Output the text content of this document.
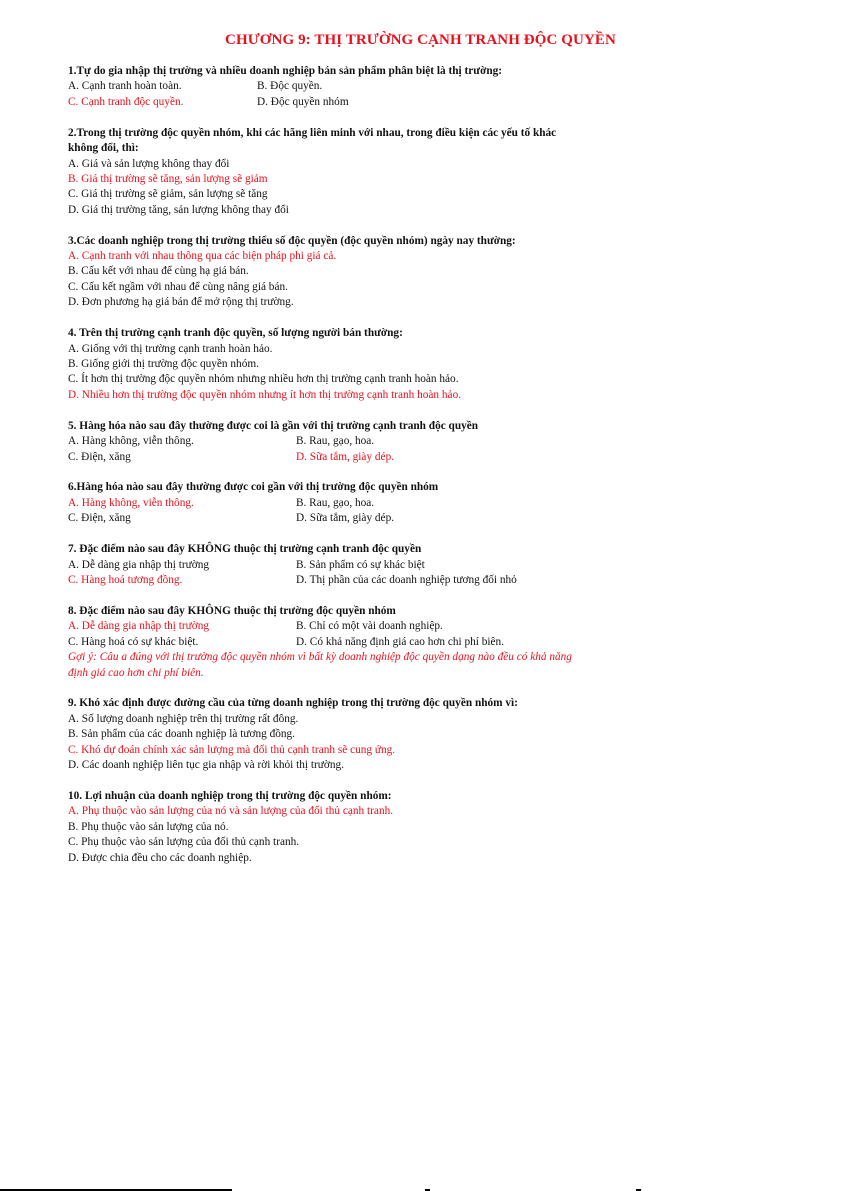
CHƯƠNG 9: THỊ TRƯỜNG CẠNH TRANH ĐỘC QUYỀN
1.Tự do gia nhập thị trường và nhiều doanh nghiệp bán sản phẩm phân biệt là thị trường:
A. Cạnh tranh hoàn toàn.	B. Độc quyền.
C. Cạnh tranh độc quyền.	D. Độc quyền nhóm
2.Trong thị trường độc quyền nhóm, khi các hãng liên minh với nhau, trong điều kiện các yếu tố khác không đổi, thì:
A. Giá và sản lượng không thay đổi
B. Giá thị trường sẽ tăng, sản lượng sẽ giảm
C. Giá thị trường sẽ giảm, sản lượng sẽ tăng
D. Giá thị trường tăng, sản lượng không thay đổi
3.Các doanh nghiệp trong thị trường thiểu số độc quyền (độc quyền nhóm) ngày nay thường:
A. Cạnh tranh với nhau thông qua các biện pháp phi giá cả.
B. Cấu kết với nhau để cùng hạ giá bán.
C. Cấu kết ngầm với nhau để cùng nâng giá bán.
D. Đơn phương hạ giá bán để mở rộng thị trường.
4. Trên thị trường cạnh tranh độc quyền, số lượng người bán thường:
A. Giống với thị trường cạnh tranh hoàn hảo.
B. Giống giới thị trường độc quyền nhóm.
C. Ít hơn thị trường độc quyền nhóm nhưng nhiều hơn thị trường cạnh tranh hoàn hảo.
D. Nhiều hơn thị trường độc quyền nhóm nhưng ít hơn thị trường cạnh tranh hoàn hảo.
5. Hàng hóa nào sau đây thường được coi là gần với thị trường cạnh tranh độc quyền
A. Hàng không, viễn thông.	B. Rau, gạo, hoa.
C. Điện, xăng	D. Sữa tắm, giày dép.
6.Hàng hóa nào sau đây thường được coi gần với thị trường độc quyền nhóm
A. Hàng không, viễn thông.	B. Rau, gạo, hoa.
C. Điện, xăng	D. Sữa tắm, giày dép.
7. Đặc điểm nào sau đây KHÔNG thuộc thị trường cạnh tranh độc quyền
A. Dễ dàng gia nhập thị trường	B. Sản phẩm có sự khác biệt
C. Hàng hoá tương đồng.	D. Thị phần của các doanh nghiệp tương đối nhỏ
8. Đặc điểm nào sau đây KHÔNG thuộc thị trường độc quyền nhóm
A. Dễ dàng gia nhập thị trường	B. Chỉ có một vài doanh nghiệp.
C. Hàng hoá có sự khác biệt.	D. Có khả năng định giá cao hơn chi phí biên.
Gợi ý: Câu a đúng với thị trường độc quyền nhóm vì bất kỳ doanh nghiệp độc quyền dạng nào đều có khả năng định giá cao hơn chi phí biên.
9. Khó xác định được đường cầu của từng doanh nghiệp trong thị trường độc quyền nhóm vì:
A. Số lượng doanh nghiệp trên thị trường rất đông.
B. Sản phẩm của các doanh nghiệp là tương đồng.
C. Khó dự đoán chính xác sản lượng mà đối thủ cạnh tranh sẽ cung ứng.
D. Các doanh nghiệp liên tục gia nhập và rời khỏi thị trường.
10. Lợi nhuận của doanh nghiệp trong thị trường độc quyền nhóm:
A. Phụ thuộc vào sản lượng của nó và sản lượng của đối thủ cạnh tranh.
B. Phụ thuộc vào sản lượng của nó.
C. Phụ thuộc vào sản lượng của đối thủ cạnh tranh.
D. Được chia đều cho các doanh nghiệp.
